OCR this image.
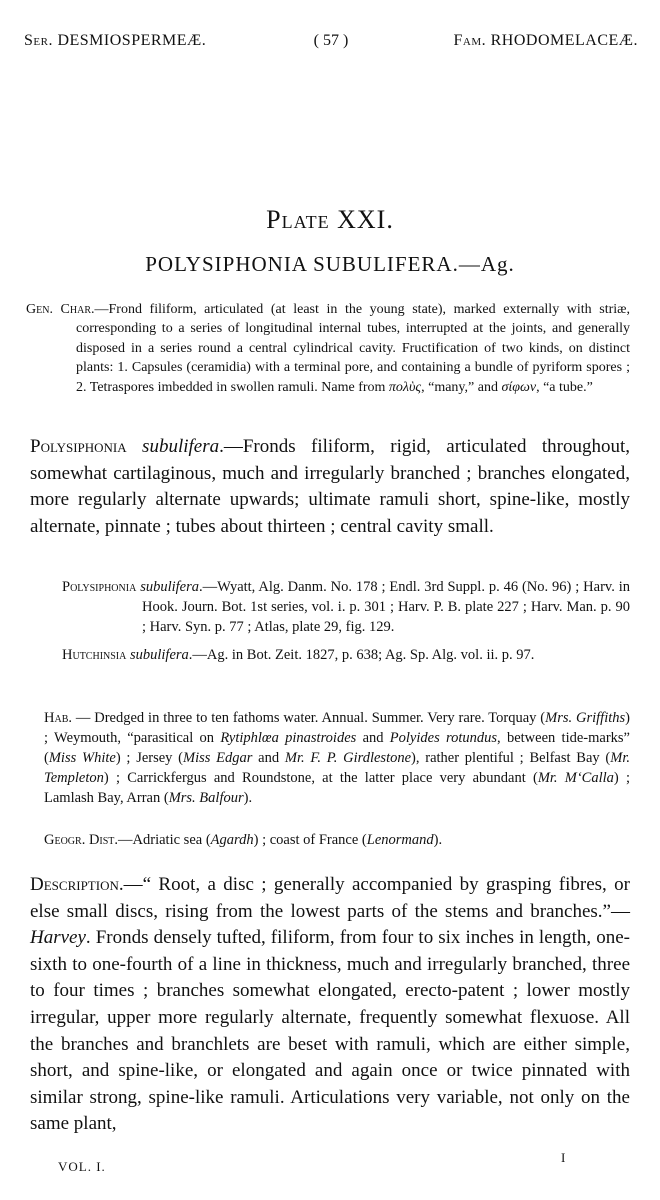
Ser. DESMIOSPERMEÆ.	( 57 )	Fam. RHODOMELACEÆ.
Plate XXI.
POLYSIPHONIA SUBULIFERA.—Ag.
Gen. Char.—Frond filiform, articulated (at least in the young state), marked externally with striæ, corresponding to a series of longitudinal internal tubes, interrupted at the joints, and generally disposed in a series round a central cylindrical cavity. Fructification of two kinds, on distinct plants: 1. Capsules (ceramidia) with a terminal pore, and containing a bundle of pyriform spores ; 2. Tetraspores imbedded in swollen ramuli. Name from πολὺς, “many,” and σίφων, “a tube.”
Polysiphonia subulifera.—Fronds filiform, rigid, articulated throughout, somewhat cartilaginous, much and irregularly branched ; branches elongated, more regularly alternate upwards; ultimate ramuli short, spine-like, mostly alternate, pinnate ; tubes about thirteen ; central cavity small.
Polysiphonia subulifera.—Wyatt, Alg. Danm. No. 178 ; Endl. 3rd Suppl. p. 46 (No. 96) ; Harv. in Hook. Journ. Bot. 1st series, vol. i. p. 301 ; Harv. P. B. plate 227 ; Harv. Man. p. 90 ; Harv. Syn. p. 77 ; Atlas, plate 29, fig. 129.
Hutchinsia subulifera.—Ag. in Bot. Zeit. 1827, p. 638; Ag. Sp. Alg. vol. ii. p. 97.
Hab. — Dredged in three to ten fathoms water. Annual. Summer. Very rare. Torquay (Mrs. Griffiths) ; Weymouth, “parasitical on Rytiphlœa pinastroides and Polyides rotundus, between tide-marks” (Miss White) ; Jersey (Miss Edgar and Mr. F. P. Girdlestone), rather plentiful ; Belfast Bay (Mr. Templeton) ; Carrickfergus and Roundstone, at the latter place very abundant (Mr. M‘Calla) ; Lamlash Bay, Arran (Mrs. Balfour).
Geogr. Dist.—Adriatic sea (Agardh) ; coast of France (Lenormand).
Description.—“ Root, a disc ; generally accompanied by grasping fibres, or else small discs, rising from the lowest parts of the stems and branches.”—Harvey. Fronds densely tufted, filiform, from four to six inches in length, one-sixth to one-fourth of a line in thickness, much and irregularly branched, three to four times ; branches somewhat elongated, erecto-patent ; lower mostly irregular, upper more regularly alternate, frequently somewhat flexuose. All the branches and branchlets are beset with ramuli, which are either simple, short, and spine-like, or elongated and again once or twice pinnated with similar strong, spine-like ramuli. Articulations very variable, not only on the same plant,
VOL. I.
I
